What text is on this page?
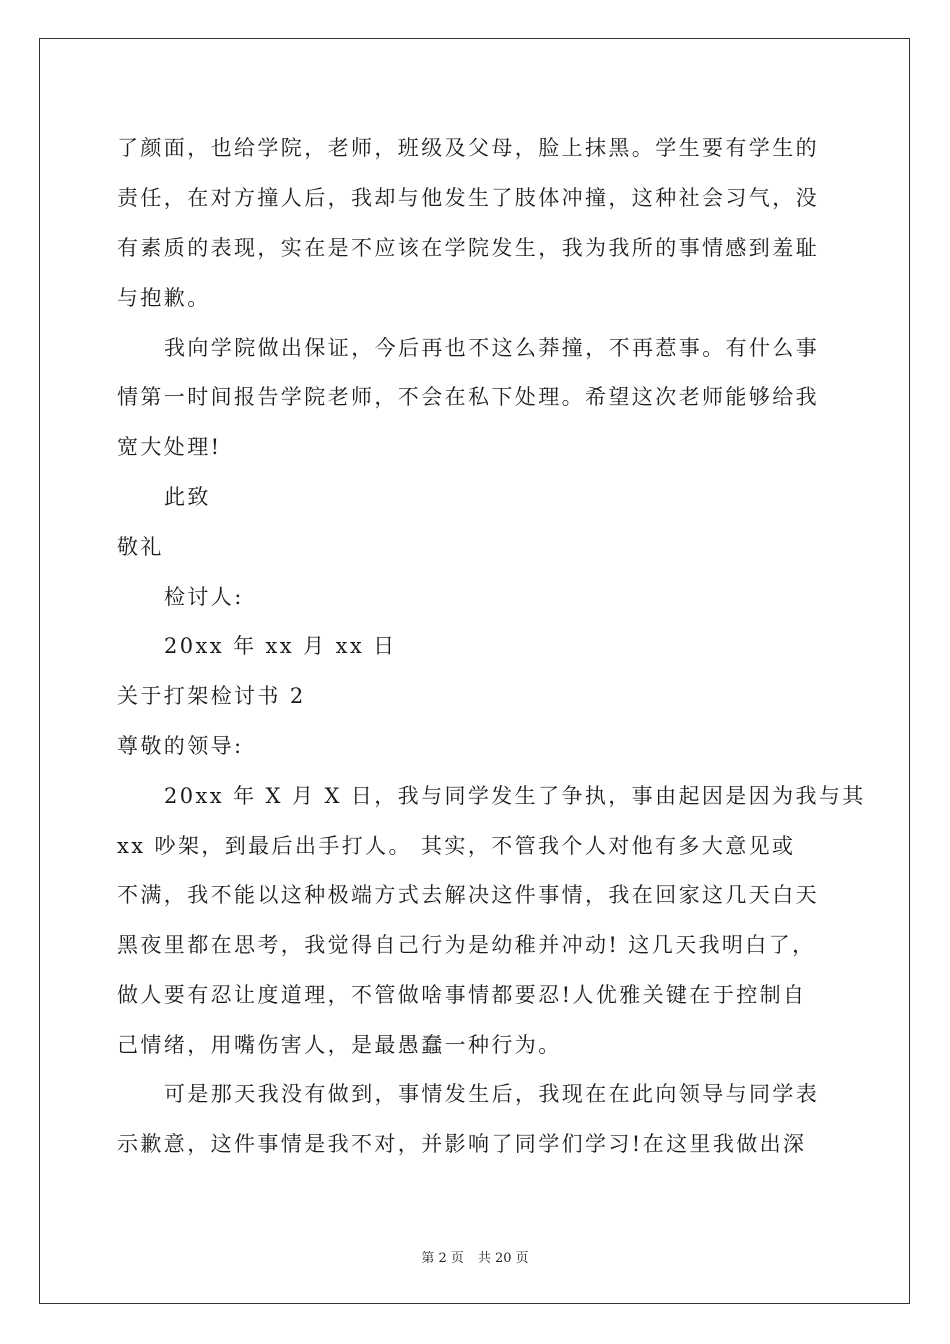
了颜面，也给学院，老师，班级及父母，脸上抹黑。学生要有学生的
责任，在对方撞人后，我却与他发生了肢体冲撞，这种社会习气，没
有素质的表现，实在是不应该在学院发生，我为我所的事情感到羞耻
与抱歉。
我向学院做出保证，今后再也不这么莽撞，不再惹事。有什么事
情第一时间报告学院老师，不会在私下处理。希望这次老师能够给我
宽大处理!
此致
敬礼
检讨人:
20xx 年 xx 月 xx 日
关于打架检讨书 2
尊敬的领导:
20xx 年 X 月 X 日，我与同学发生了争执，事由起因是因为我与其
xx 吵架，到最后出手打人。 其实，不管我个人对他有多大意见或
不满，我不能以这种极端方式去解决这件事情，我在回家这几天白天
黑夜里都在思考，我觉得自己行为是幼稚并冲动! 这几天我明白了，
做人要有忍让度道理，不管做啥事情都要忍!人优雅关键在于控制自
己情绪，用嘴伤害人，是最愚蠢一种行为。
可是那天我没有做到，事情发生后，我现在在此向领导与同学表
示歉意，这件事情是我不对，并影响了同学们学习!在这里我做出深
第 2 页 共 20 页
